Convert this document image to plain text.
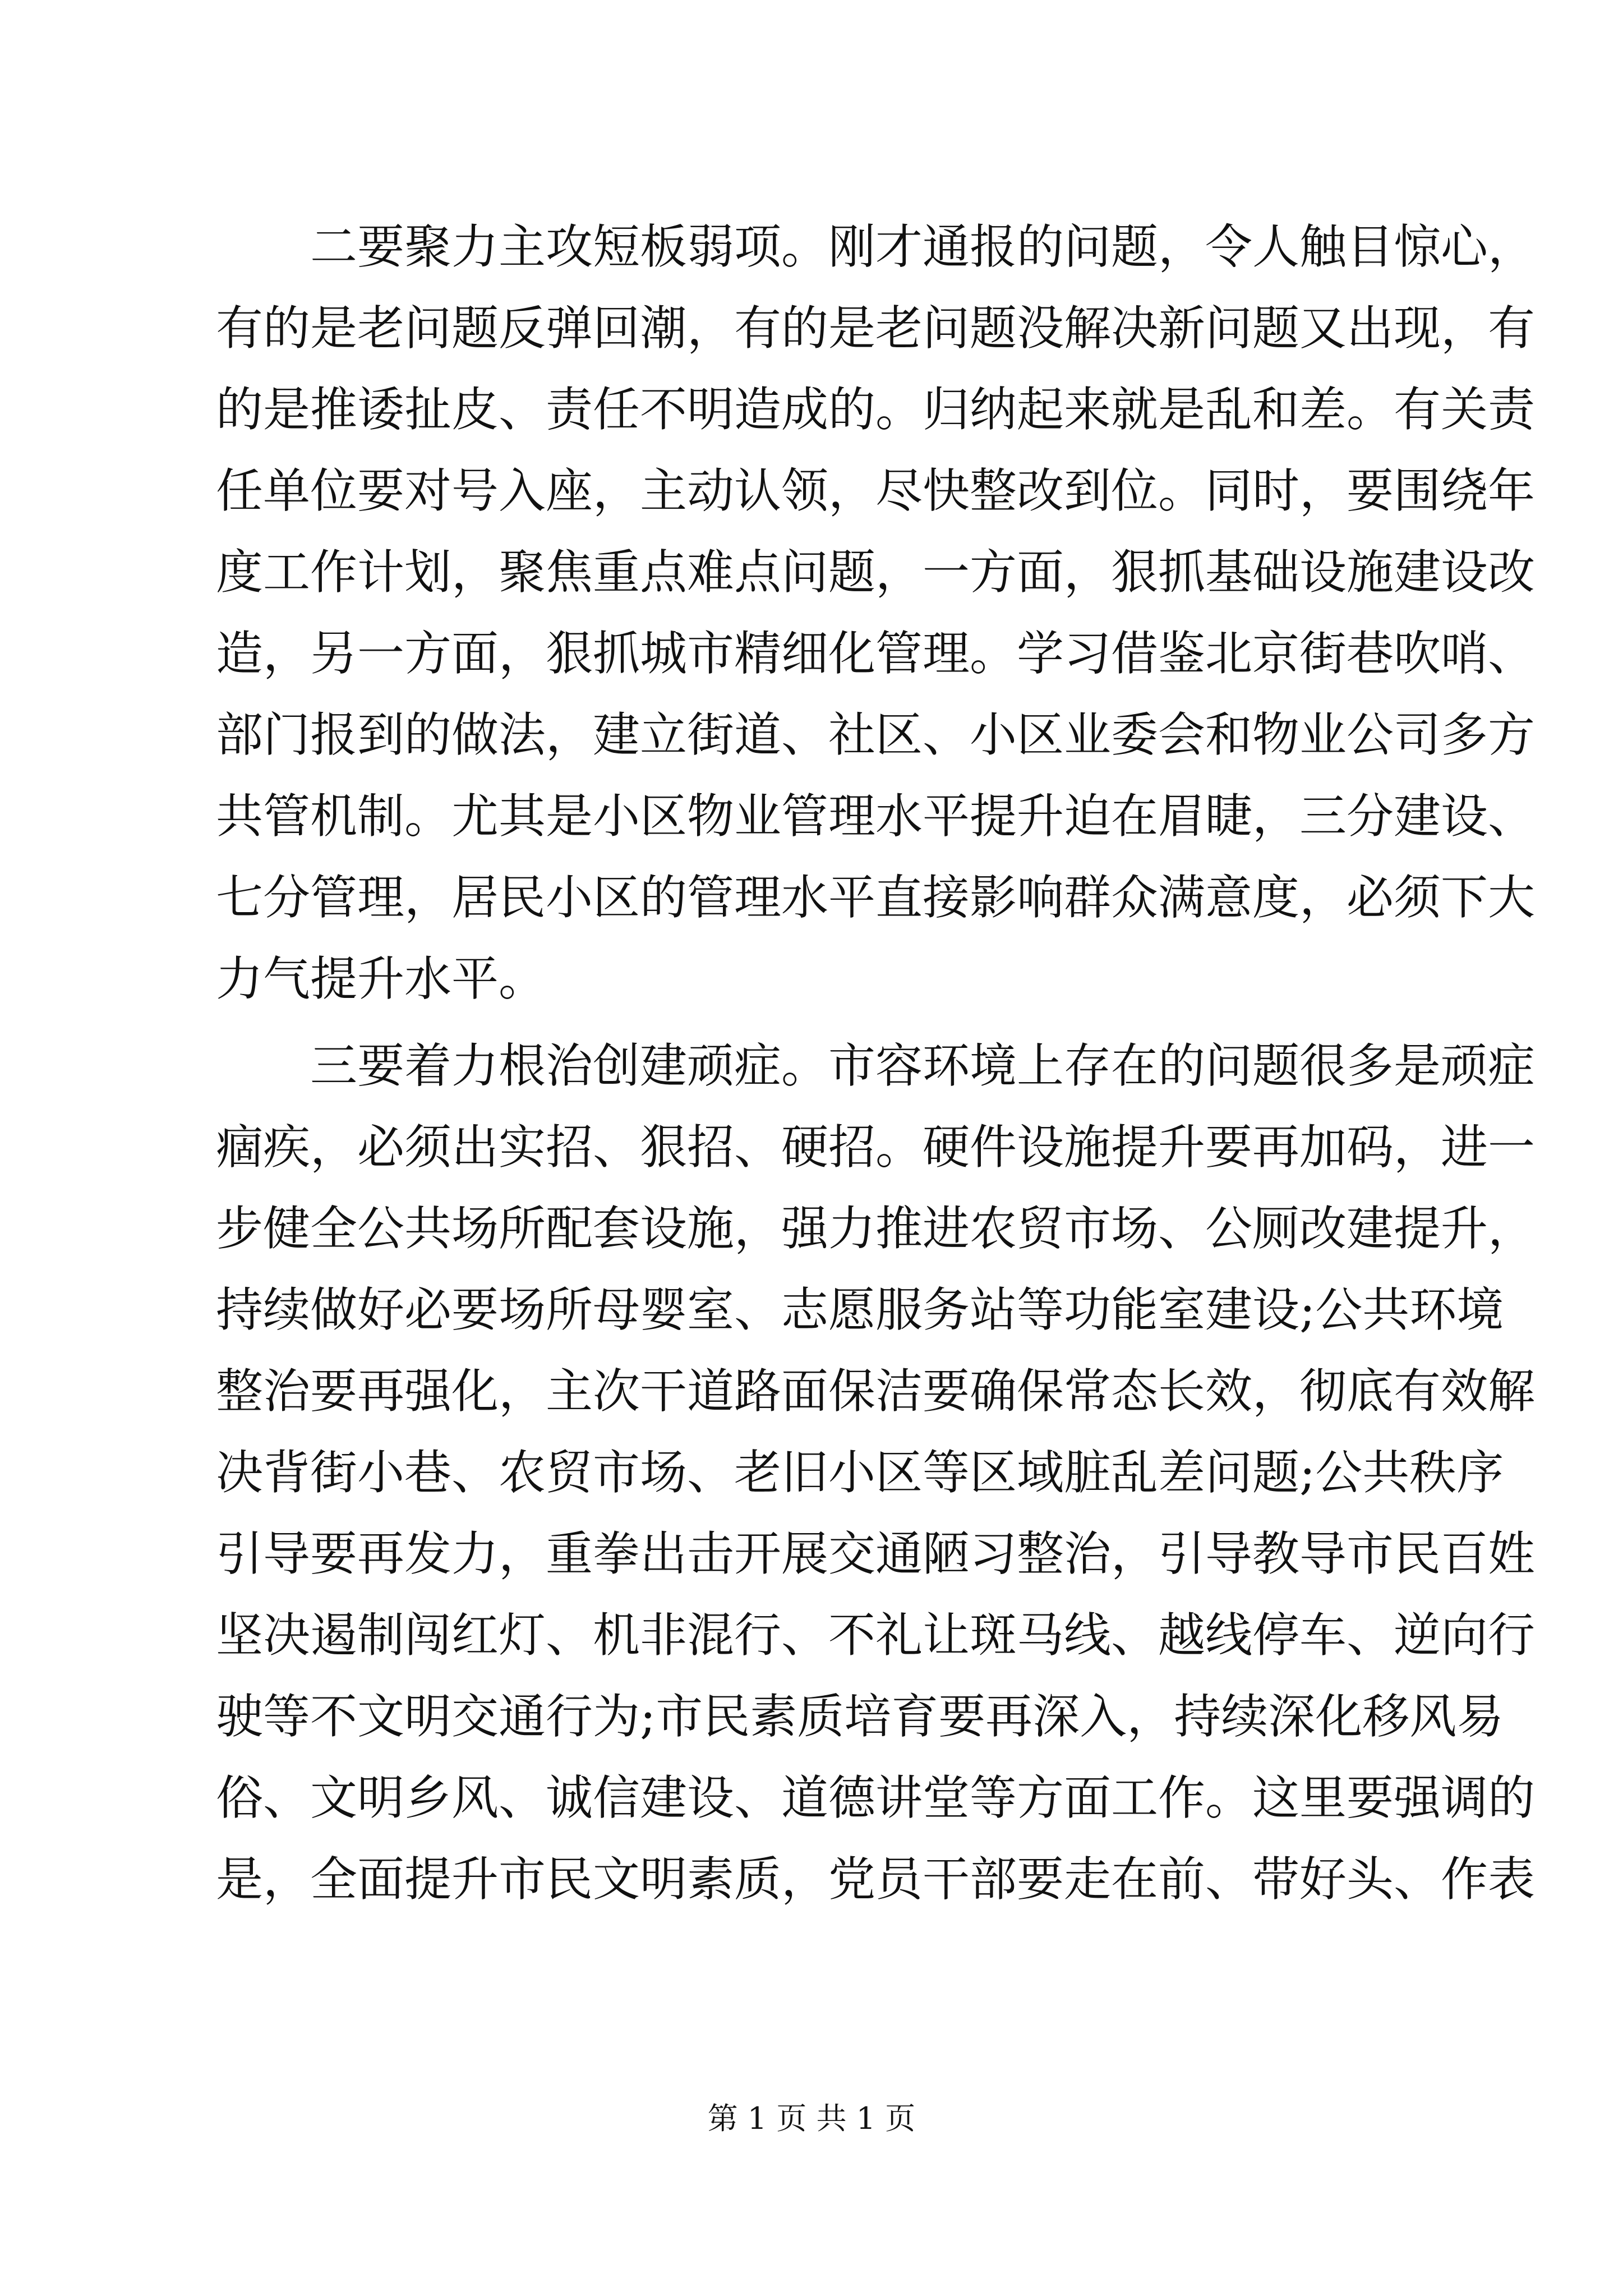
　　二要聚力主攻短板弱项。刚才通报的问题，令人触目惊心，
有的是老问题反弹回潮，有的是老问题没解决新问题又出现，有
的是推诿扯皮、责任不明造成的。归纳起来就是乱和差。有关责
任单位要对号入座，主动认领，尽快整改到位。同时，要围绕年
度工作计划，聚焦重点难点问题，一方面，狠抓基础设施建设改
造，另一方面，狠抓城市精细化管理。学习借鉴北京街巷吹哨、
部门报到的做法，建立街道、社区、小区业委会和物业公司多方
共管机制。尤其是小区物业管理水平提升迫在眉睫，三分建设、
七分管理，居民小区的管理水平直接影响群众满意度，必须下大
力气提升水平。
　　三要着力根治创建顽症。市容环境上存在的问题很多是顽症
痼疾，必须出实招、狠招、硬招。硬件设施提升要再加码，进一
步健全公共场所配套设施，强力推进农贸市场、公厕改建提升，
持续做好必要场所母婴室、志愿服务站等功能室建设;公共环境
整治要再强化，主次干道路面保洁要确保常态长效，彻底有效解
决背街小巷、农贸市场、老旧小区等区域脏乱差问题;公共秩序
引导要再发力，重拳出击开展交通陋习整治，引导教导市民百姓
坚决遏制闯红灯、机非混行、不礼让斑马线、越线停车、逆向行
驶等不文明交通行为;市民素质培育要再深入，持续深化移风易
俗、文明乡风、诚信建设、道德讲堂等方面工作。这里要强调的
是，全面提升市民文明素质，党员干部要走在前、带好头、作表
第 1 页 共 1 页
